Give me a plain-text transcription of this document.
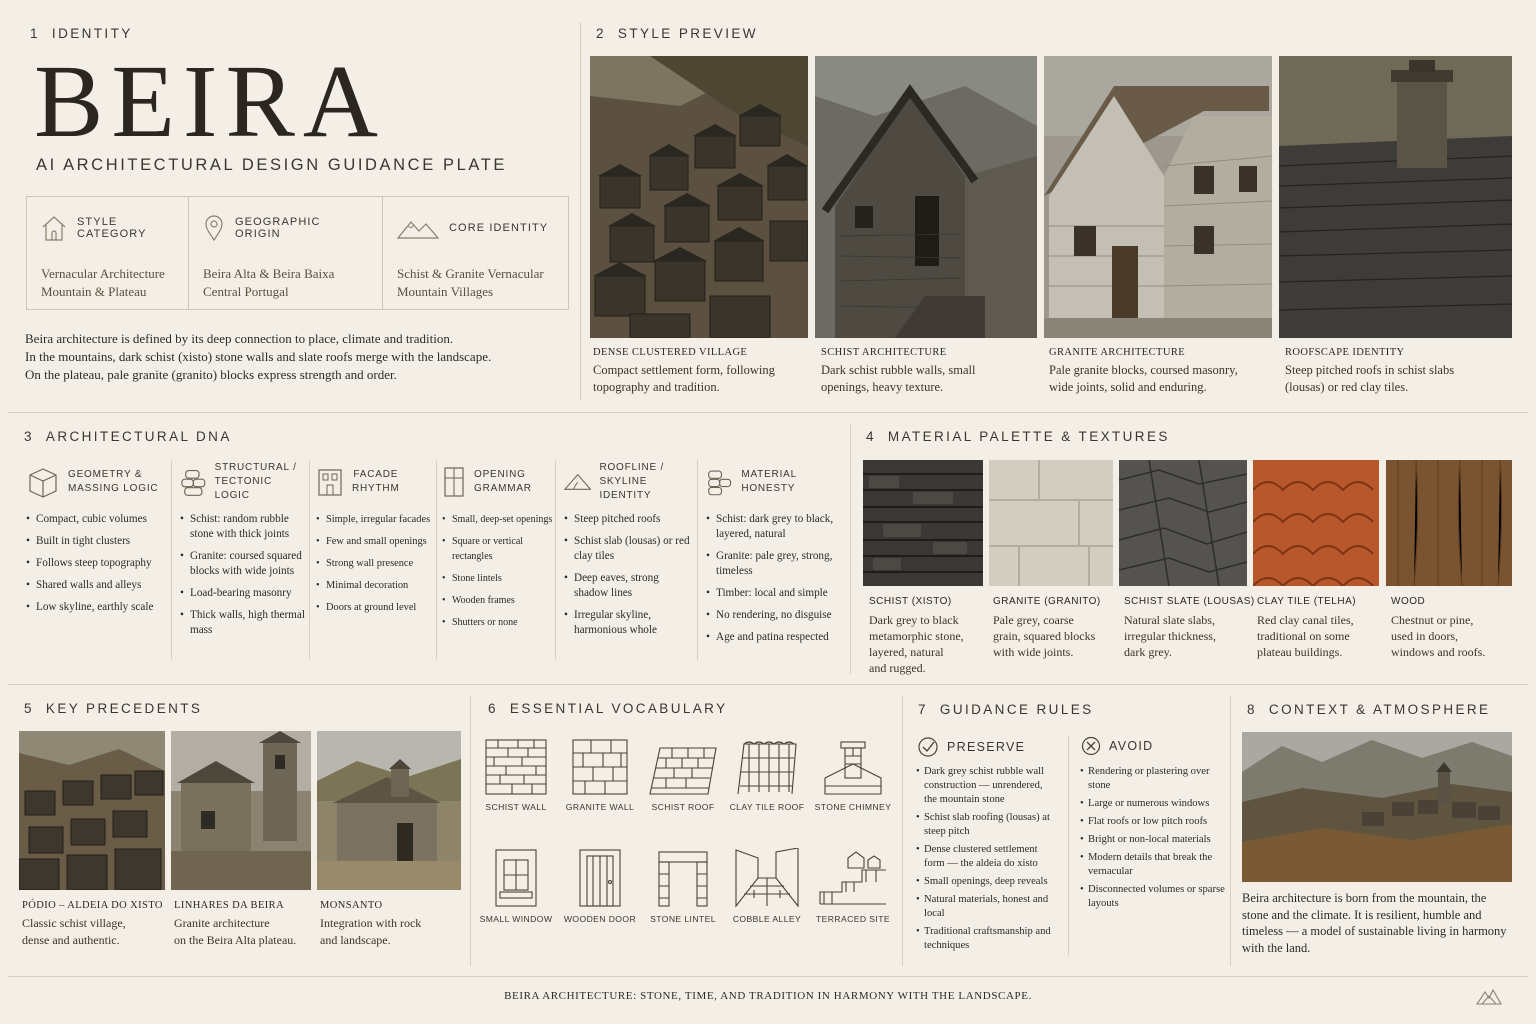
1 IDENTITY
BEIRA
AI ARCHITECTURAL DESIGN GUIDANCE PLATE
STYLE CATEGORY
Vernacular Architecture
Mountain & Plateau
GEOGRAPHIC ORIGIN
Beira Alta & Beira Baixa
Central Portugal
CORE IDENTITY
Schist & Granite Vernacular
Mountain Villages
Beira architecture is defined by its deep connection to place, climate and tradition.
In the mountains, dark schist (xisto) stone walls and slate roofs merge with the landscape.
On the plateau, pale granite (granito) blocks express strength and order.
2 STYLE PREVIEW
DENSE CLUSTERED VILLAGE
Compact settlement form, following
topography and tradition.
SCHIST ARCHITECTURE
Dark schist rubble walls, small
openings, heavy texture.
GRANITE ARCHITECTURE
Pale granite blocks, coursed masonry,
wide joints, solid and enduring.
ROOFSCAPE IDENTITY
Steep pitched roofs in schist slabs
(lousas) or red clay tiles.
3 ARCHITECTURAL DNA
GEOMETRY &
MASSING LOGIC
• Compact, cubic volumes
• Built in tight clusters
• Follows steep topography
• Shared walls and alleys
• Low skyline, earthly scale
STRUCTURAL /
TECTONIC LOGIC
• Schist: random rubble stone with thick joints
• Granite: coursed squared blocks with wide joints
• Load-bearing masonry
• Thick walls, high thermal mass
FACADE
RHYTHM
• Simple, irregular facades
• Few and small openings
• Strong wall presence
• Minimal decoration
• Doors at ground level
OPENING
GRAMMAR
• Small, deep-set openings
• Square or vertical rectangles
• Stone lintels
• Wooden frames
• Shutters or none
ROOFLINE /
SKYLINE IDENTITY
• Steep pitched roofs
• Schist slab (lousas) or red clay tiles
• Deep eaves, strong shadow lines
• Irregular skyline, harmonious whole
MATERIAL HONESTY
• Schist: dark grey to black, layered, natural
• Granite: pale grey, strong, timeless
• Timber: local and simple
• No rendering, no disguise
• Age and patina respected
4 MATERIAL PALETTE & TEXTURES
SCHIST (XISTO)
Dark grey to black
metamorphic stone,
layered, natural
and rugged.
GRANITE (GRANITO)
Pale grey, coarse
grain, squared blocks
with wide joints.
SCHIST SLATE (LOUSAS)
Natural slate slabs,
irregular thickness,
dark grey.
CLAY TILE (TELHA)
Red clay canal tiles,
traditional on some
plateau buildings.
WOOD
Chestnut or pine,
used in doors,
windows and roofs.
5 KEY PRECEDENTS
PÓDIO – ALDEIA DO XISTO
Classic schist village,
dense and authentic.
LINHARES DA BEIRA
Granite architecture
on the Beira Alta plateau.
MONSANTO
Integration with rock
and landscape.
6 ESSENTIAL VOCABULARY
SCHIST WALL	GRANITE WALL	SCHIST ROOF	CLAY TILE ROOF	STONE CHIMNEY
SMALL WINDOW	WOODEN DOOR	STONE LINTEL	COBBLE ALLEY	TERRACED SITE
7 GUIDANCE RULES
PRESERVE
• Dark grey schist rubble wall construction — unrendered, the mountain stone
• Schist slab roofing (lousas) at steep pitch
• Dense clustered settlement form — the aldeia do xisto
• Small openings, deep reveals
• Natural materials, honest and local
• Traditional craftsmanship and techniques
AVOID
• Rendering or plastering over stone
• Large or numerous windows
• Flat roofs or low pitch roofs
• Bright or non-local materials
• Modern details that break the vernacular
• Disconnected volumes or sparse layouts
8 CONTEXT & ATMOSPHERE
Beira architecture is born from the mountain, the stone and the climate. It is resilient, humble and timeless — a model of sustainable living in harmony with the land.
BEIRA ARCHITECTURE: STONE, TIME, AND TRADITION IN HARMONY WITH THE LANDSCAPE.
